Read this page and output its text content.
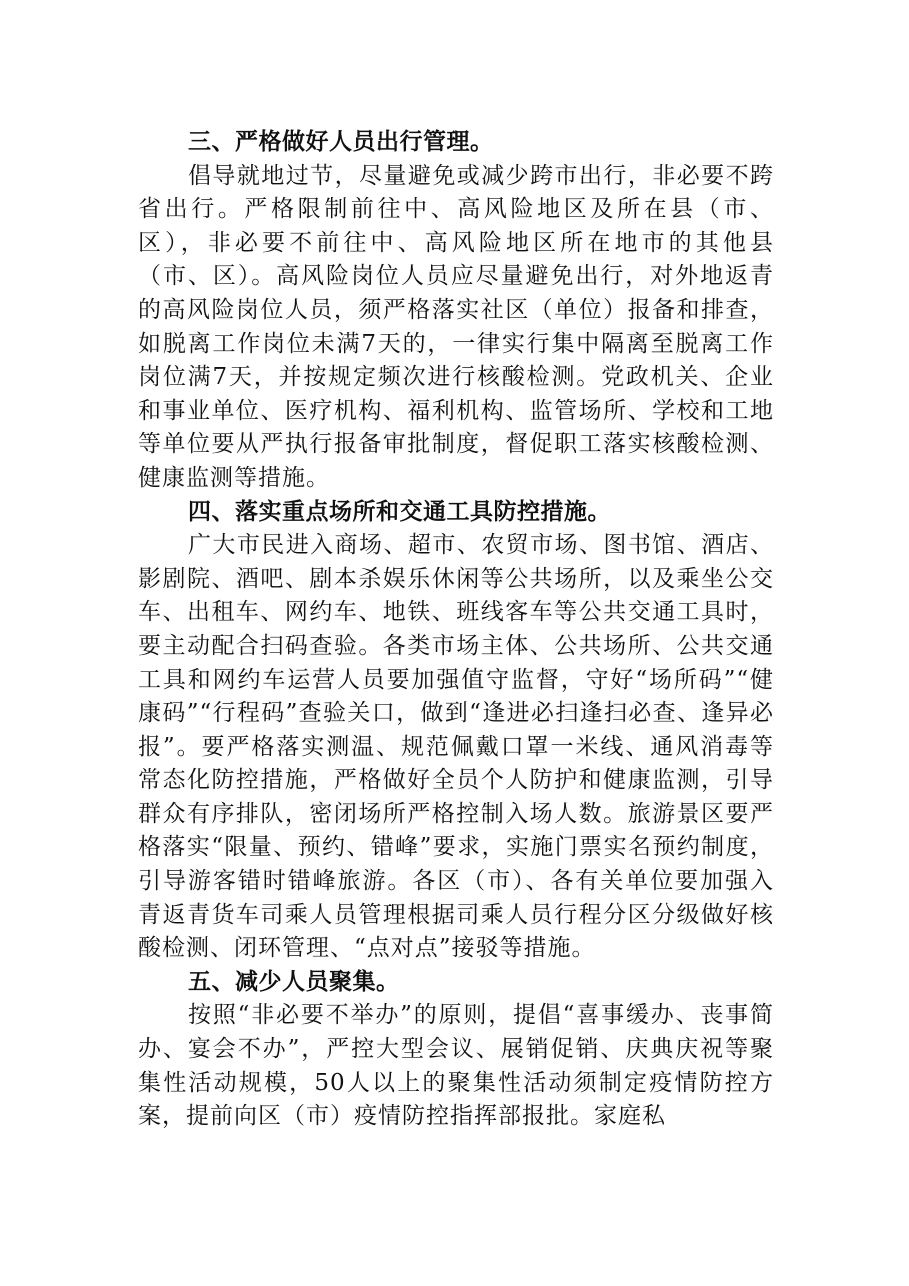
三、严格做好人员出行管理。

倡导就地过节，尽量避免或减少跨市出行，非必要不跨省出行。严格限制前往中、高风险地区及所在县（市、区），非必要不前往中、高风险地区所在地市的其他县（市、区）。高风险岗位人员应尽量避免出行，对外地返青的高风险岗位人员，须严格落实社区（单位）报备和排查，如脱离工作岗位未满7天的，一律实行集中隔离至脱离工作岗位满7天，并按规定频次进行核酸检测。党政机关、企业和事业单位、医疗机构、福利机构、监管场所、学校和工地等单位要从严执行报备审批制度，督促职工落实核酸检测、健康监测等措施。

四、落实重点场所和交通工具防控措施。

广大市民进入商场、超市、农贸市场、图书馆、酒店、影剧院、酒吧、剧本杀娱乐休闲等公共场所，以及乘坐公交车、出租车、网约车、地铁、班线客车等公共交通工具时，要主动配合扫码查验。各类市场主体、公共场所、公共交通工具和网约车运营人员要加强值守监督，守好“场所码”“健康码”“行程码”查验关口，做到“逢进必扫逢扫必查、逢异必报”。要严格落实测温、规范佩戴口罩一米线、通风消毒等常态化防控措施，严格做好全员个人防护和健康监测，引导群众有序排队，密闭场所严格控制入场人数。旅游景区要严格落实“限量、预约、错峰”要求，实施门票实名预约制度，引导游客错时错峰旅游。各区（市）、各有关单位要加强入青返青货车司乘人员管理根据司乘人员行程分区分级做好核酸检测、闭环管理、“点对点”接驳等措施。

五、减少人员聚集。

按照“非必要不举办”的原则，提倡“喜事缓办、丧事简办、宴会不办”，严控大型会议、展销促销、庆典庆祝等聚集性活动规模，50人以上的聚集性活动须制定疫情防控方案，提前向区（市）疫情防控指挥部报批。家庭私
